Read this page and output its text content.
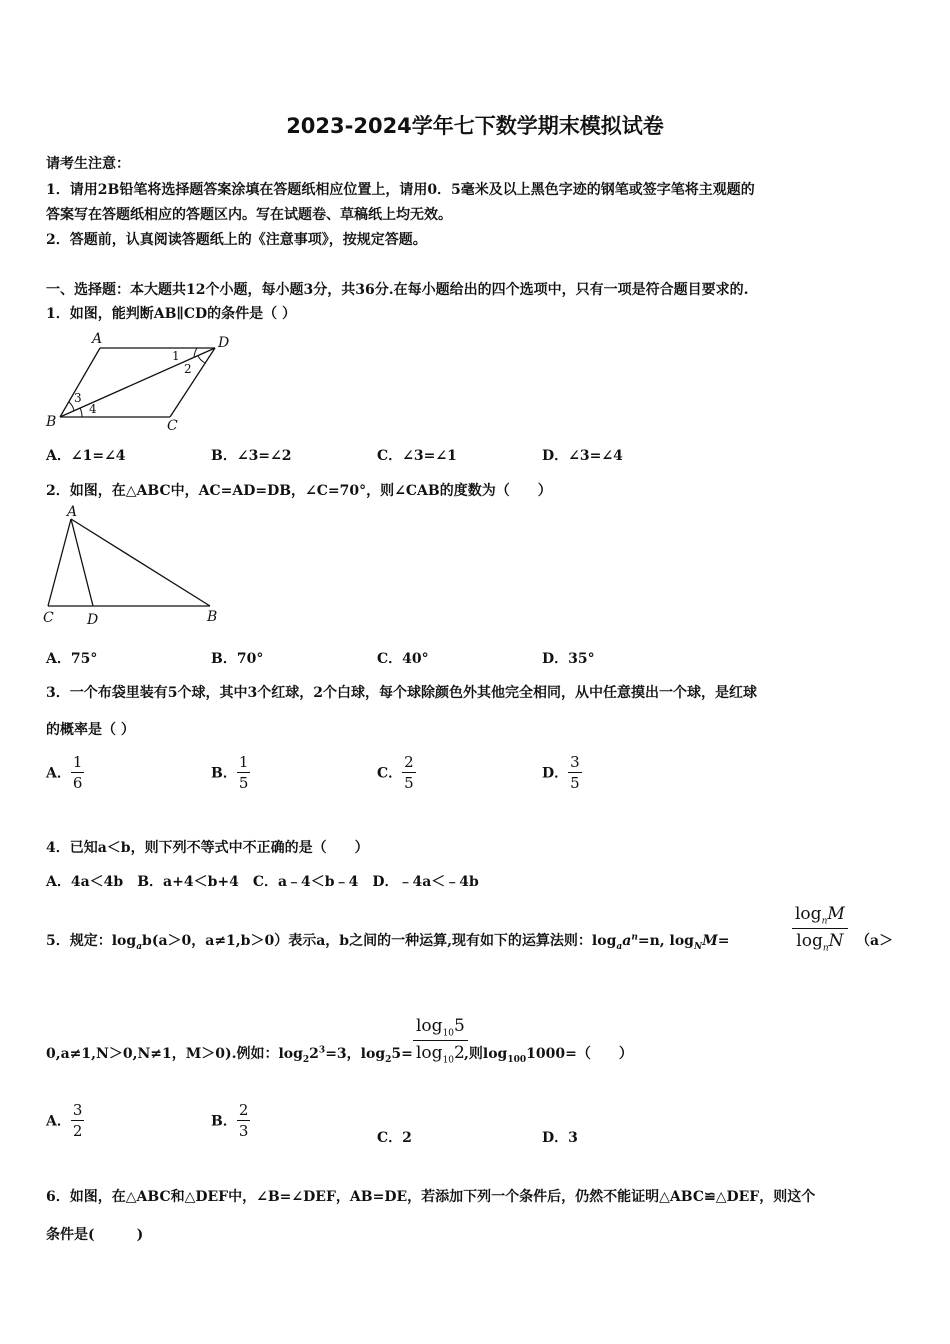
2023-2024学年七下数学期末模拟试卷
请考生注意：
1．请用2B铅笔将选择题答案涂填在答题纸相应位置上，请用0．5毫米及以上黑色字迹的钢笔或签字笔将主观题的
答案写在答题纸相应的答题区内。写在试题卷、草稿纸上均无效。
2．答题前，认真阅读答题纸上的《注意事项》，按规定答题。
一、选择题：本大题共12个小题，每小题3分，共36分.在每小题给出的四个选项中，只有一项是符合题目要求的.
1．如图，能判断AB∥CD的条件是（ ）
A	D
B	C
1
2
3
4
A．∠1=∠4	B．∠3=∠2	C．∠3=∠1	D．∠3=∠4
2．如图，在△ABC中，AC=AD=DB，∠C=70°，则∠CAB的度数为（　　）
A
C D	B
A．75°	B．70°	C．40°	D．35°
3．一个布袋里装有5个球，其中3个红球，2个白球，每个球除颜色外其他完全相同，从中任意摸出一个球，是红球
的概率是（ ）
A． $\frac{1}{6}$	B． $\frac{1}{5}$	C． $\frac{2}{5}$	D． $\frac{3}{5}$
4．已知a＜b，则下列不等式中不正确的是（　　）
A．4a＜4b　B．a+4＜b+4　C．a﹣4＜b﹣4　D．﹣4a＜﹣4b
5．规定：$\log_ab(a>0$，a≠1,b＞0）表示a，b之间的一种运算,现有如下的运算法则：$\log_aa^n=n$, $\log_NM=$	$\frac{\log_nM}{\log_nN} (a>$
0,a≠1,N＞0,N≠1，M＞0).例如：$\log_22^3=3$，$\log_25= \frac{\log_{10}5}{\log_{10}2}$
,则$\log_{100}1000=$（　　）
A． $\frac{3}{2}$	B． $\frac{2}{3}$	C．2	D．3
6．如图，在△ABC和△DEF中，∠B=∠DEF，AB=DE，若添加下列一个条件后，仍然不能证明△ABC≌△DEF，则这个
条件是(　　　)
